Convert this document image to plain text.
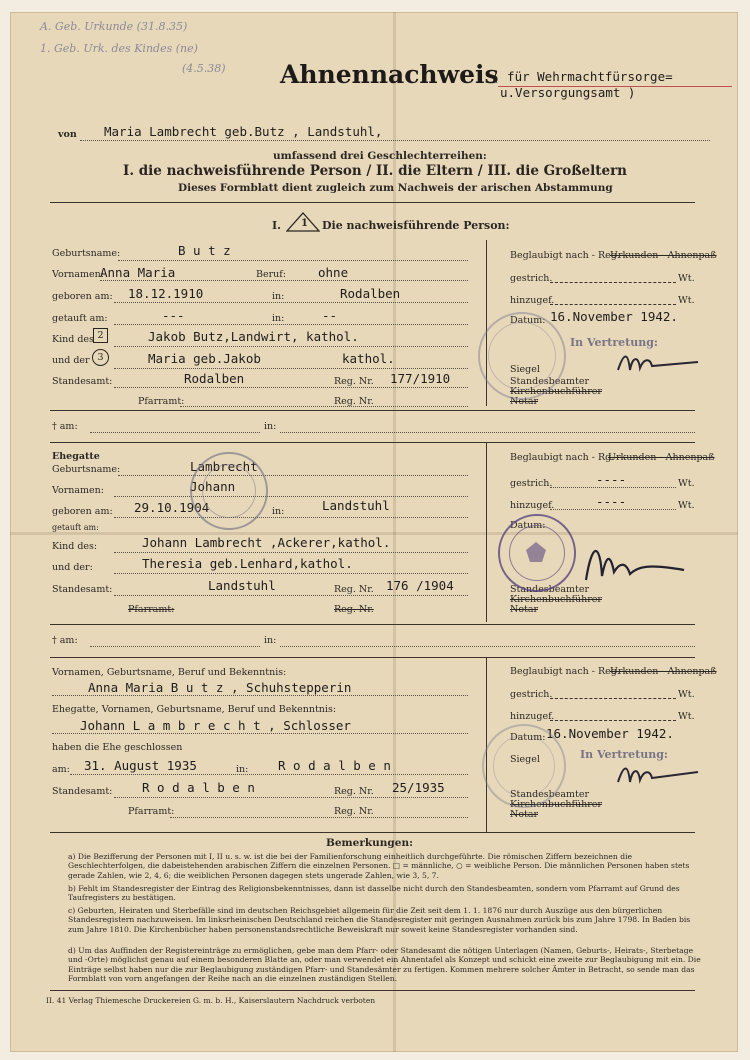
A. Geb. Urkunde (31.8.35)
1. Geb. Urk. des Kindes (ne)
(4.5.38) Ahnennachweis
( für Wehrmachtfürsorge=
u.Versorgungsamt )
von Maria Lambrecht geb.Butz , Landstuhl,
umfassend drei Geschlechterreihen:
I. die nachweisführende Person / II. die Eltern / III. die Großeltern
Dieses Formblatt dient zugleich zum Nachweis der arischen Abstammung
I. 1 Die nachweisführende Person:
Geburtsname:	B u t z
Vornamen:
Anna Maria	Beruf:	ohne
geboren am: 18.12.1910	in:	Rodalben
getauft am:	---	in:	--
Kind des 2	Jakob Butz,Landwirt, kathol.
und der 3	Maria geb.Jakob	kathol.
Standesamt:	Rodalben	Reg. Nr. 177/1910
Pfarramt:	Reg. Nr.
Beglaubigt nach - Reg. -
Urkunden - Ahnenpaß
gestrich.	Wt.
hinzugef.	Wt.
Datum: 16.November 1942.
Siegel
In Vertretung:
Standesbeamter
Kirchenbuchführer
Notar
† am:	in:
Ehegatte
Geburtsname:	Lambrecht
Vornamen:	Johann
geboren am: 29.10.1904	in:	Landstuhl
getauft am:
Kind des:	Johann Lambrecht ,Ackerer,kathol.
und der:	Theresia geb.Lenhard,kathol.
Standesamt:	Landstuhl	Reg. Nr. 176 /1904
Pfarramt:	Reg. Nr.
Beglaubigt nach - Rg. -
Urkunden - Ahnenpaß
gestrich.	----	Wt.
hinzugef.	----	Wt.
Datum:
Standesbeamter
Kirchenbuchführer
Notar
† am:	in:
Vornamen, Geburtsname, Beruf und Bekenntnis:
Anna Maria B u t z , Schuhstepperin
Ehegatte, Vornamen, Geburtsname, Beruf und Bekenntnis:
Johann L a m b r e c h t , Schlosser
haben die Ehe geschlossen
am: 31. August 1935	in: R o d a l b e n
Standesamt: R o d a l b e n	Reg. Nr. 25/1935
Pfarramt:	Reg. Nr.
Beglaubigt nach - Reg. -
Urkunden - Ahnenpaß
gestrich.	Wt.
hinzugef.	Wt.
Datum: 16.November 1942.
Siegel	In Vertretung:
Standesbeamter
Kirchenbuchführer
Notar
Bemerkungen:
a) Die Bezifferung der Personen mit I, II u. s. w. ist die bei der Familienforschung einheitlich durchgeführte. Die römischen Ziffern bezeichnen die Geschlechterfolgen, die dabeistehenden arabischen Ziffern die einzelnen Personen. □ = männliche, ○ = weibliche Person. Die männlichen Personen haben stets gerade Zahlen, wie 2, 4, 6; die weiblichen Personen dagegen stets ungerade Zahlen, wie 3, 5, 7.
b) Fehlt im Standesregister der Eintrag des Religionsbekenntnisses, dann ist dasselbe nicht durch den Standesbeamten, sondern vom Pfarramt auf Grund des Taufregisters zu bestätigen.
c) Geburten, Heiraten und Sterbefälle sind im deutschen Reichsgebiet allgemein für die Zeit seit dem 1. 1. 1876 nur durch Auszüge aus den bürgerlichen Standesregistern nachzuweisen. Im linksrheinischen Deutschland reichen die Standesregister mit geringen Ausnahmen zurück bis zum Jahre 1798. In Baden bis zum Jahre 1810. Die Kirchenbücher haben personenstandsrechtliche Beweiskraft nur soweit keine Standesregister vorhanden sind.
d) Um das Auffinden der Registereinträge zu ermöglichen, gebe man dem Pfarr- oder Standesamt die nötigen Unterlagen (Namen, Geburts-, Heirats-, Sterbetage und -Orte) möglichst genau auf einem besonderen Blatte an, oder man verwendet ein Ahnentafel als Konzept und schickt eine zweite zur Beglaubigung mit ein. Die Einträge selbst haben nur die zur Beglaubigung zuständigen Pfarr- und Standesämter zu fertigen. Kommen mehrere solcher Ämter in Betracht, so sende man das Formblatt von vorn angefangen der Reihe nach an die einzelnen zuständigen Stellen.
II. 41 Verlag Thiemesche Druckereien G. m. b. H., Kaiserslautern Nachdruck verboten
